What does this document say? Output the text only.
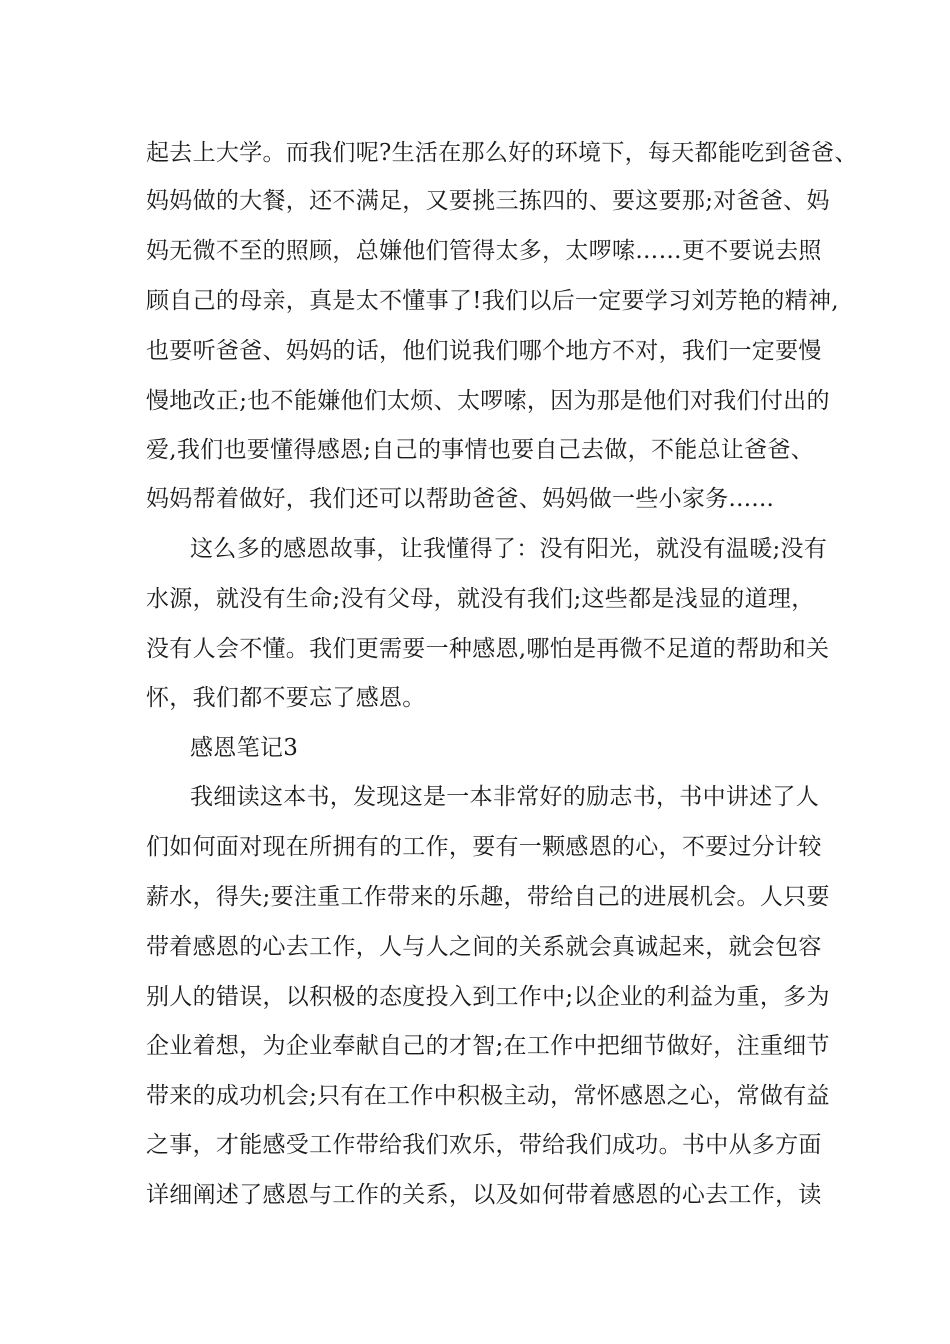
起去上大学。而我们呢?生活在那么好的环境下，每天都能吃到爸爸、

妈妈做的大餐，还不满足，又要挑三拣四的、要这要那;对爸爸、妈

妈无微不至的照顾，总嫌他们管得太多，太啰嗦……更不要说去照

顾自己的母亲，真是太不懂事了!我们以后一定要学习刘芳艳的精神,

也要听爸爸、妈妈的话，他们说我们哪个地方不对，我们一定要慢

慢地改正;也不能嫌他们太烦、太啰嗦，因为那是他们对我们付出的

爱,我们也要懂得感恩;自己的事情也要自己去做，不能总让爸爸、

妈妈帮着做好，我们还可以帮助爸爸、妈妈做一些小家务......

这么多的感恩故事，让我懂得了：没有阳光，就没有温暖;没有

水源，就没有生命;没有父母，就没有我们;这些都是浅显的道理，

没有人会不懂。我们更需要一种感恩,哪怕是再微不足道的帮助和关

怀，我们都不要忘了感恩。

感恩笔记3

我细读这本书，发现这是一本非常好的励志书，书中讲述了人

们如何面对现在所拥有的工作，要有一颗感恩的心，不要过分计较

薪水，得失;要注重工作带来的乐趣，带给自己的进展机会。人只要

带着感恩的心去工作，人与人之间的关系就会真诚起来，就会包容

别人的错误，以积极的态度投入到工作中;以企业的利益为重，多为

企业着想，为企业奉献自己的才智;在工作中把细节做好，注重细节

带来的成功机会;只有在工作中积极主动，常怀感恩之心，常做有益

之事，才能感受工作带给我们欢乐，带给我们成功。书中从多方面

详细阐述了感恩与工作的关系，以及如何带着感恩的心去工作，读
